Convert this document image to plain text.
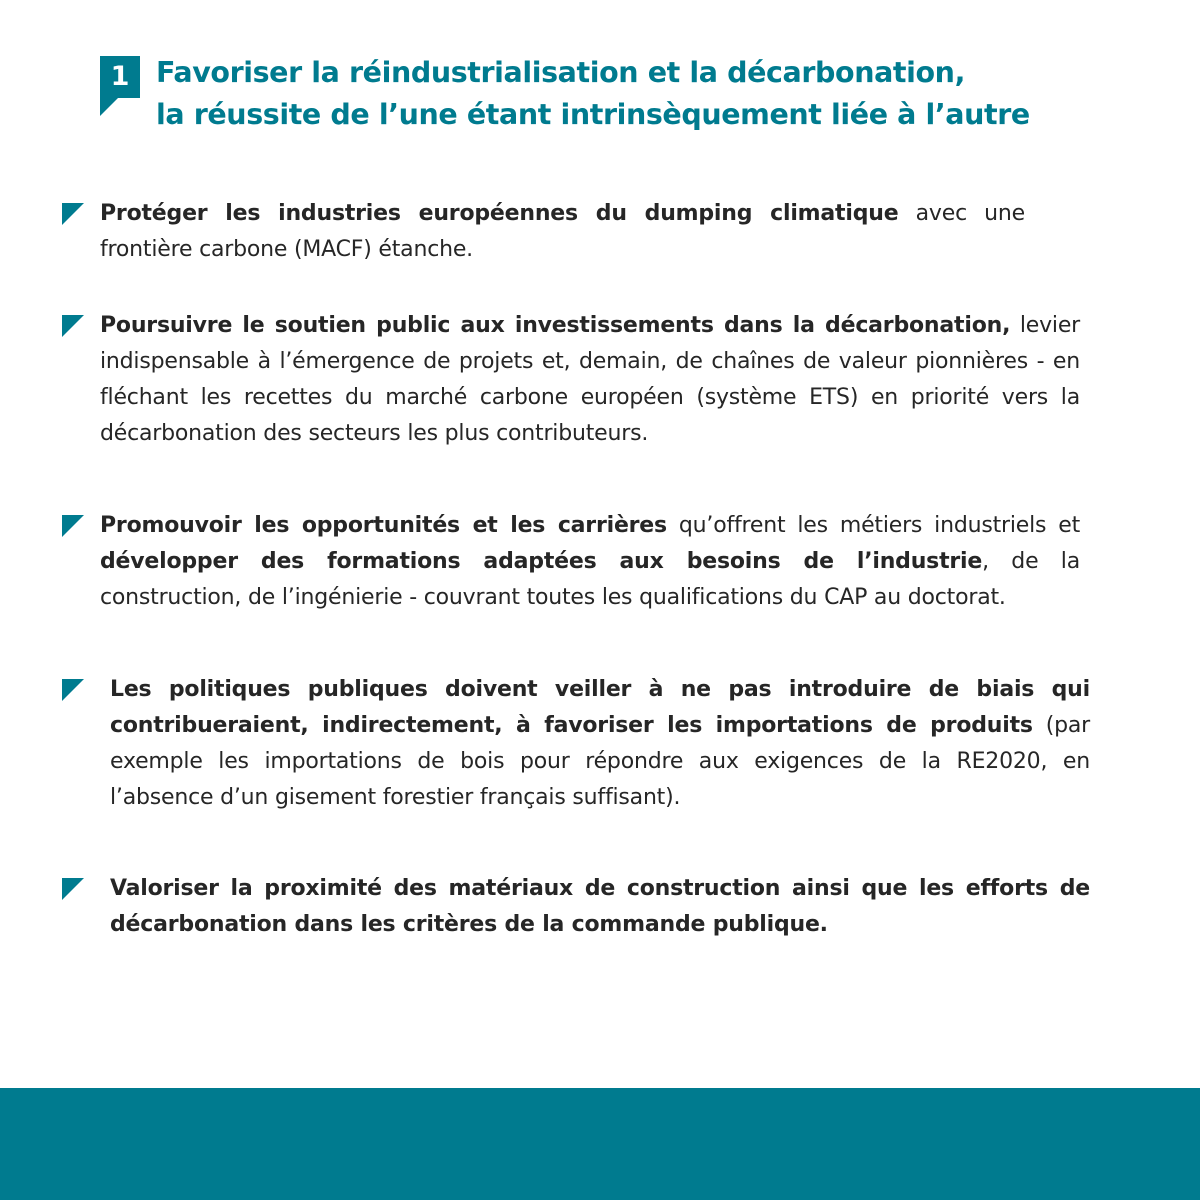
1 Favoriser la réindustrialisation et la décarbonation,
la réussite de l’une étant intrinsèquement liée à l’autre
Protéger les industries européennes du dumping climatique avec une frontière carbone (MACF) étanche.
Poursuivre le soutien public aux investissements dans la décarbonation, levier indispensable à l’émergence de projets et, demain, de chaînes de valeur pionnières - en fléchant les recettes du marché carbone européen (système ETS) en priorité vers la décarbonation des secteurs les plus contributeurs.
Promouvoir les opportunités et les carrières qu’offrent les métiers industriels et développer des formations adaptées aux besoins de l’industrie, de la construction, de l’ingénierie - couvrant toutes les qualifications du CAP au doctorat.
Les politiques publiques doivent veiller à ne pas introduire de biais qui contribueraient, indirectement, à favoriser les importations de produits (par exemple les importations de bois pour répondre aux exigences de la RE2020, en l’absence d’un gisement forestier français suffisant).
Valoriser la proximité des matériaux de construction ainsi que les efforts de décarbonation dans les critères de la commande publique.
